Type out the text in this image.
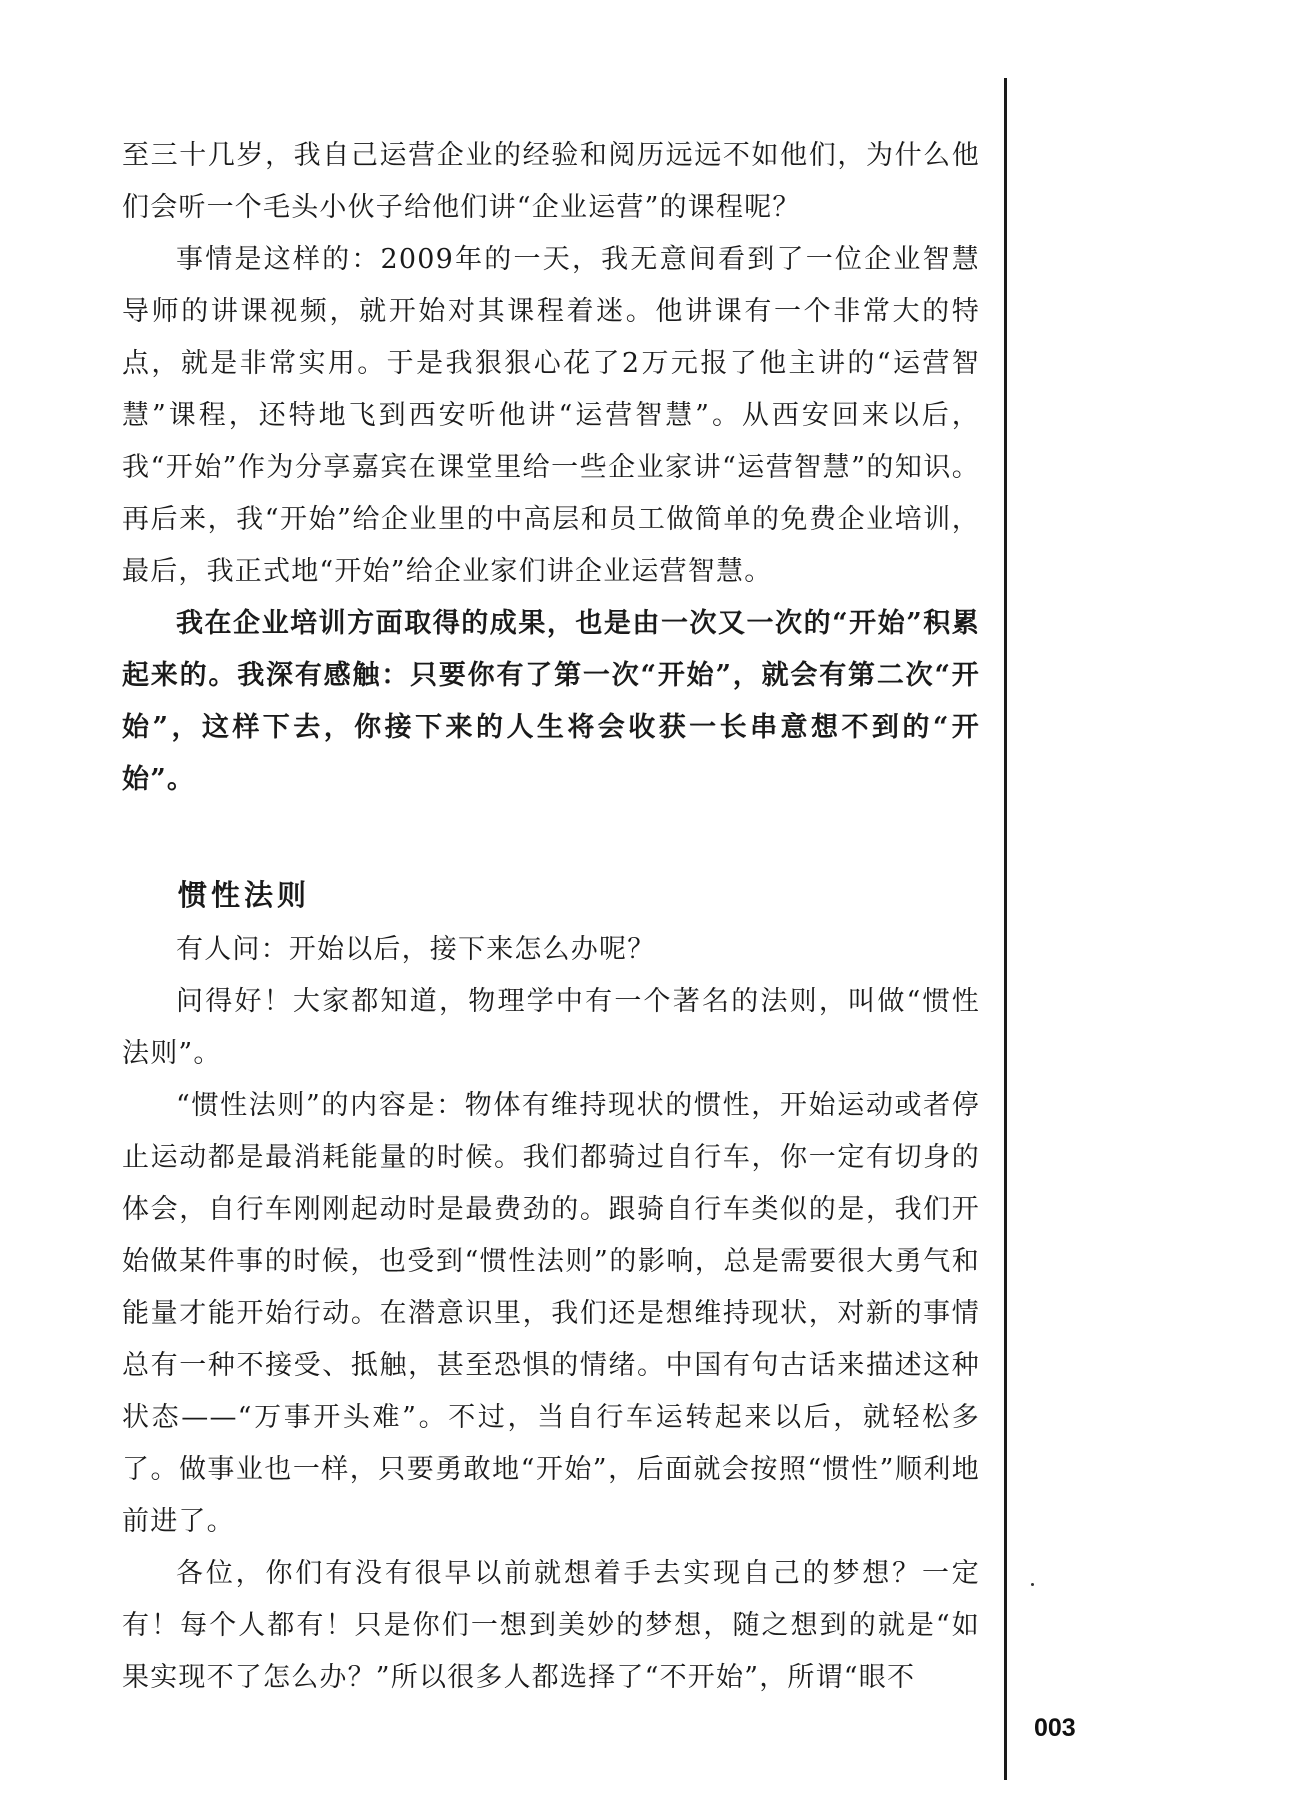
至三十几岁，我自己运营企业的经验和阅历远远不如他们，为什么他们会听一个毛头小伙子给他们讲“企业运营”的课程呢？

事情是这样的：2009年的一天，我无意间看到了一位企业智慧导师的讲课视频，就开始对其课程着迷。他讲课有一个非常大的特点，就是非常实用。于是我狠狠心花了2万元报了他主讲的“运营智慧”课程，还特地飞到西安听他讲“运营智慧”。从西安回来以后，我“开始”作为分享嘉宾在课堂里给一些企业家讲“运营智慧”的知识。再后来，我“开始”给企业里的中高层和员工做简单的免费企业培训，最后，我正式地“开始”给企业家们讲企业运营智慧。

我在企业培训方面取得的成果，也是由一次又一次的“开始”积累起来的。我深有感触：只要你有了第一次“开始”，就会有第二次“开始”，这样下去，你接下来的人生将会收获一长串意想不到的“开始”。

惯性法则

有人问：开始以后，接下来怎么办呢？

问得好！大家都知道，物理学中有一个著名的法则，叫做“惯性法则”。

“惯性法则”的内容是：物体有维持现状的惯性，开始运动或者停止运动都是最消耗能量的时候。我们都骑过自行车，你一定有切身的体会，自行车刚刚起动时是最费劲的。跟骑自行车类似的是，我们开始做某件事的时候，也受到“惯性法则”的影响，总是需要很大勇气和能量才能开始行动。在潜意识里，我们还是想维持现状，对新的事情总有一种不接受、抵触，甚至恐惧的情绪。中国有句古话来描述这种状态——“万事开头难”。不过，当自行车运转起来以后，就轻松多了。做事业也一样，只要勇敢地“开始”，后面就会按照“惯性”顺利地前进了。

各位，你们有没有很早以前就想着手去实现自己的梦想？一定有！每个人都有！只是你们一想到美妙的梦想，随之想到的就是“如果实现不了怎么办？”所以很多人都选择了“不开始”，所谓“眼不

003
